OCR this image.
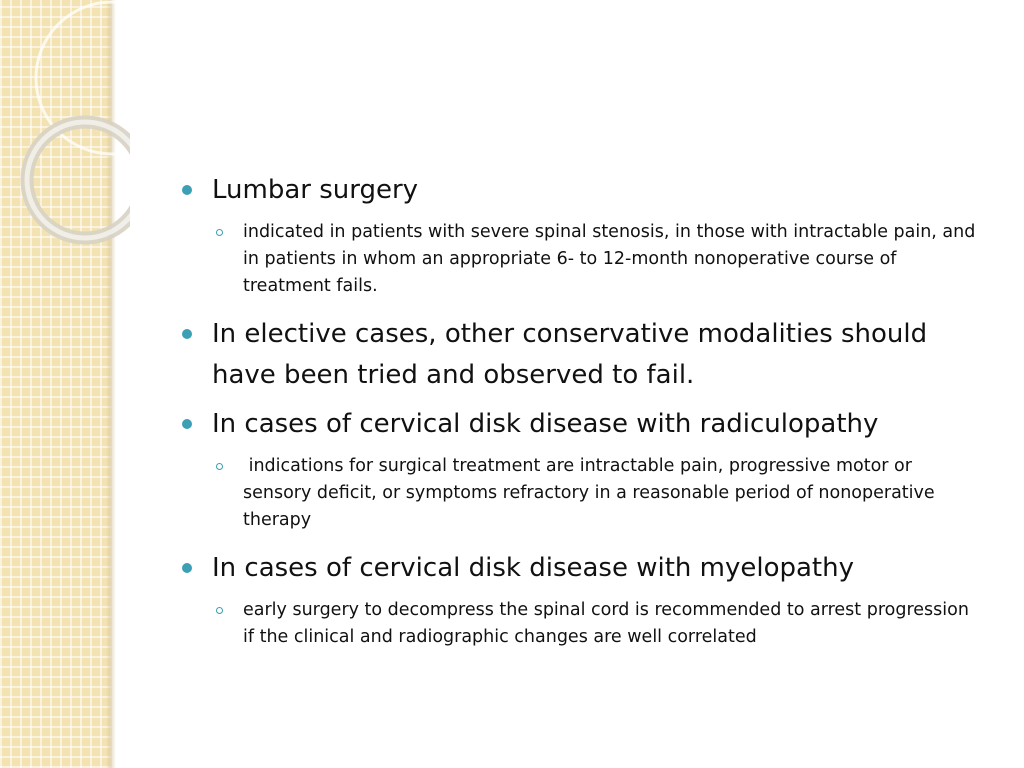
Lumbar surgery
indicated in patients with severe spinal stenosis, in those with intractable pain, and in patients in whom an appropriate 6- to 12-month nonoperative course of treatment fails.
In elective cases, other conservative modalities should have been tried and observed to fail.
In cases of cervical disk disease with radiculopathy
indications for surgical treatment are intractable pain, progressive motor or sensory deficit, or symptoms refractory in a reasonable period of nonoperative therapy
In cases of cervical disk disease with myelopathy
early surgery to decompress the spinal cord is recommended to arrest progression if the clinical and radiographic changes are well correlated
